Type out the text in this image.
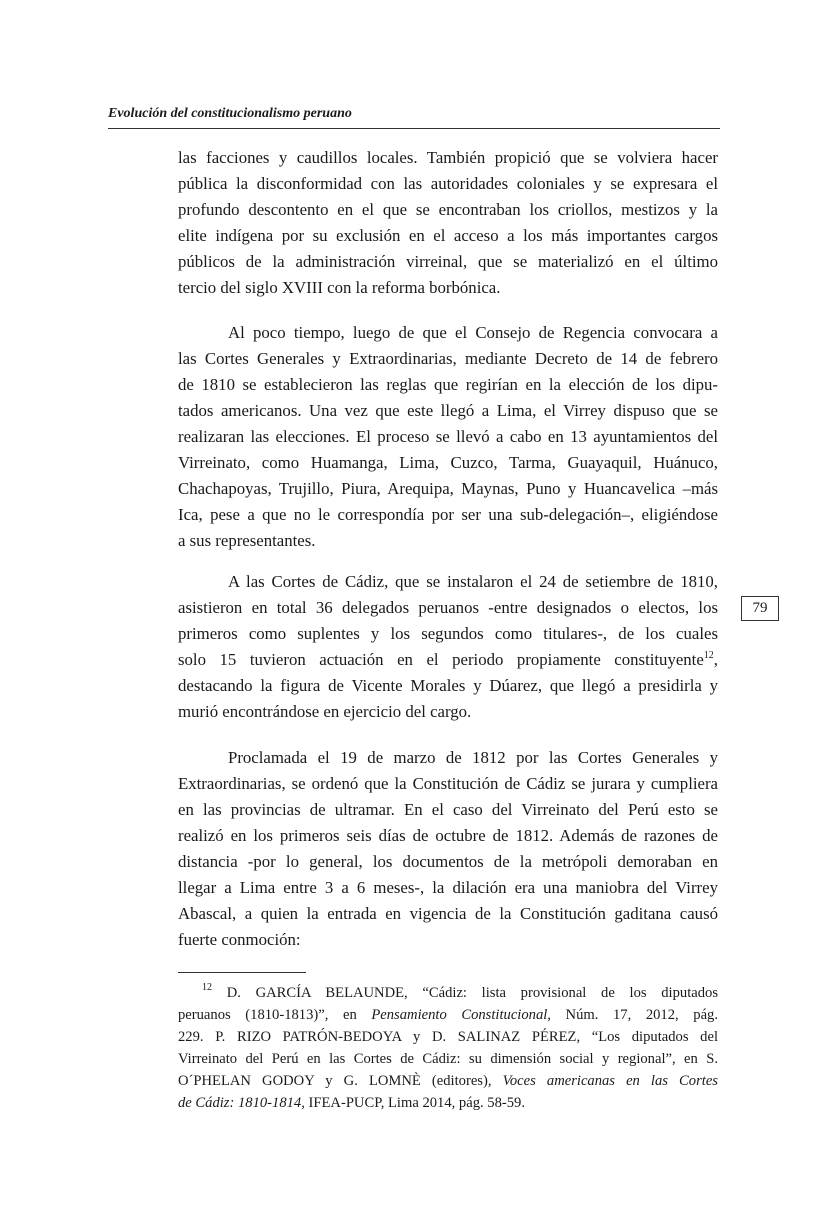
Evolución del constitucionalismo peruano
las facciones y caudillos locales. También propició que se volviera hacer
pública la disconformidad con las autoridades coloniales y se expresara el
profundo descontento en el que se encontraban los criollos, mestizos y la
elite indígena por su exclusión en el acceso a los más importantes cargos
públicos de la administración virreinal, que se materializó en el último
tercio del siglo XVIII con la reforma borbónica.
Al poco tiempo, luego de que el Consejo de Regencia convocara a
las Cortes Generales y Extraordinarias, mediante Decreto de 14 de febrero
de 1810 se establecieron las reglas que regirían en la elección de los dipu-
tados americanos. Una vez que este llegó a Lima, el Virrey dispuso que se
realizaran las elecciones. El proceso se llevó a cabo en 13 ayuntamientos del
Virreinato, como Huamanga, Lima, Cuzco, Tarma, Guayaquil, Huánuco,
Chachapoyas, Trujillo, Piura, Arequipa, Maynas, Puno y Huancavelica –más
Ica, pese a que no le correspondía por ser una sub-delegación–, eligiéndose
a sus representantes.
A las Cortes de Cádiz, que se instalaron el 24 de setiembre de 1810,
asistieron en total 36 delegados peruanos -entre designados o electos, los
primeros como suplentes y los segundos como titulares-, de los cuales
solo 15 tuvieron actuación en el periodo propiamente constituyente$^{12}$,
destacando la figura de Vicente Morales y Dúarez, que llegó a presidirla y
murió encontrándose en ejercicio del cargo.
Proclamada el 19 de marzo de 1812 por las Cortes Generales y
Extraordinarias, se ordenó que la Constitución de Cádiz se jurara y cumpliera
en las provincias de ultramar. En el caso del Virreinato del Perú esto se
realizó en los primeros seis días de octubre de 1812. Además de razones de
distancia -por lo general, los documentos de la metrópoli demoraban en
llegar a Lima entre 3 a 6 meses-, la dilación era una maniobra del Virrey
Abascal, a quien la entrada en vigencia de la Constitución gaditana causó
fuerte conmoción:
79
$^{12}$ D. GARCÍA BELAUNDE, “Cádiz: lista provisional de los diputados
peruanos (1810-1813)”, en Pensamiento Constitucional, Núm. 17, 2012, pág.
229. P. RIZO PATRÓN-BEDOYA y D. SALINAZ PÉREZ, “Los diputados del
Virreinato del Perú en las Cortes de Cádiz: su dimensión social y regional”, en S.
O´PHELAN GODOY y G. LOMNÈ (editores), Voces americanas en las Cortes
de Cádiz: 1810-1814, IFEA-PUCP, Lima 2014, pág. 58-59.
